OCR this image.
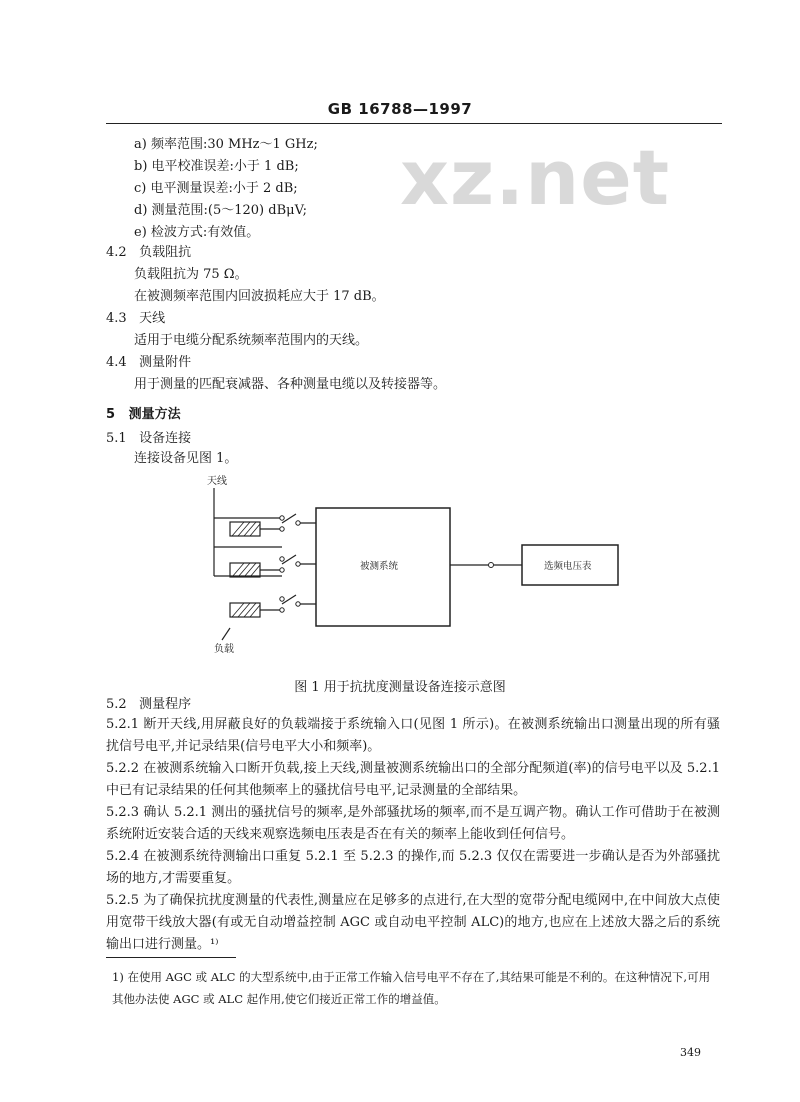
GB 16788—1997
xz.net
a) 频率范围:30 MHz～1 GHz;
b) 电平校准误差:小于 1 dB;
c) 电平测量误差:小于 2 dB;
d) 测量范围:(5～120) dBμV;
e) 检波方式:有效值。
4.2 负载阻抗
负载阻抗为 75 Ω。
在被测频率范围内回波损耗应大于 17 dB。
4.3 天线
适用于电缆分配系统频率范围内的天线。
4.4 测量附件
用于测量的匹配衰减器、各种测量电缆以及转接器等。
5 测量方法
5.1 设备连接
连接设备见图 1。
天线
被测系统	选频电压表
负载
图 1 用于抗扰度测量设备连接示意图
5.2 测量程序
5.2.1 断开天线,用屏蔽良好的负载端接于系统输入口(见图 1 所示)。在被测系统输出口测量出现的所有骚扰信号电平,并记录结果(信号电平大小和频率)。
5.2.2 在被测系统输入口断开负载,接上天线,测量被测系统输出口的全部分配频道(率)的信号电平以及 5.2.1 中已有记录结果的任何其他频率上的骚扰信号电平,记录测量的全部结果。
5.2.3 确认 5.2.1 测出的骚扰信号的频率,是外部骚扰场的频率,而不是互调产物。确认工作可借助于在被测系统附近安装合适的天线来观察选频电压表是否在有关的频率上能收到任何信号。
5.2.4 在被测系统待测输出口重复 5.2.1 至 5.2.3 的操作,而 5.2.3 仅仅在需要进一步确认是否为外部骚扰场的地方,才需要重复。
5.2.5 为了确保抗扰度测量的代表性,测量应在足够多的点进行,在大型的宽带分配电缆网中,在中间放大点使用宽带干线放大器(有或无自动增益控制 AGC 或自动电平控制 ALC)的地方,也应在上述放大器之后的系统输出口进行测量。¹⁾
1) 在使用 AGC 或 ALC 的大型系统中,由于正常工作输入信号电平不存在了,其结果可能是不利的。在这种情况下,可用其他办法使 AGC 或 ALC 起作用,使它们接近正常工作的增益值。
349
